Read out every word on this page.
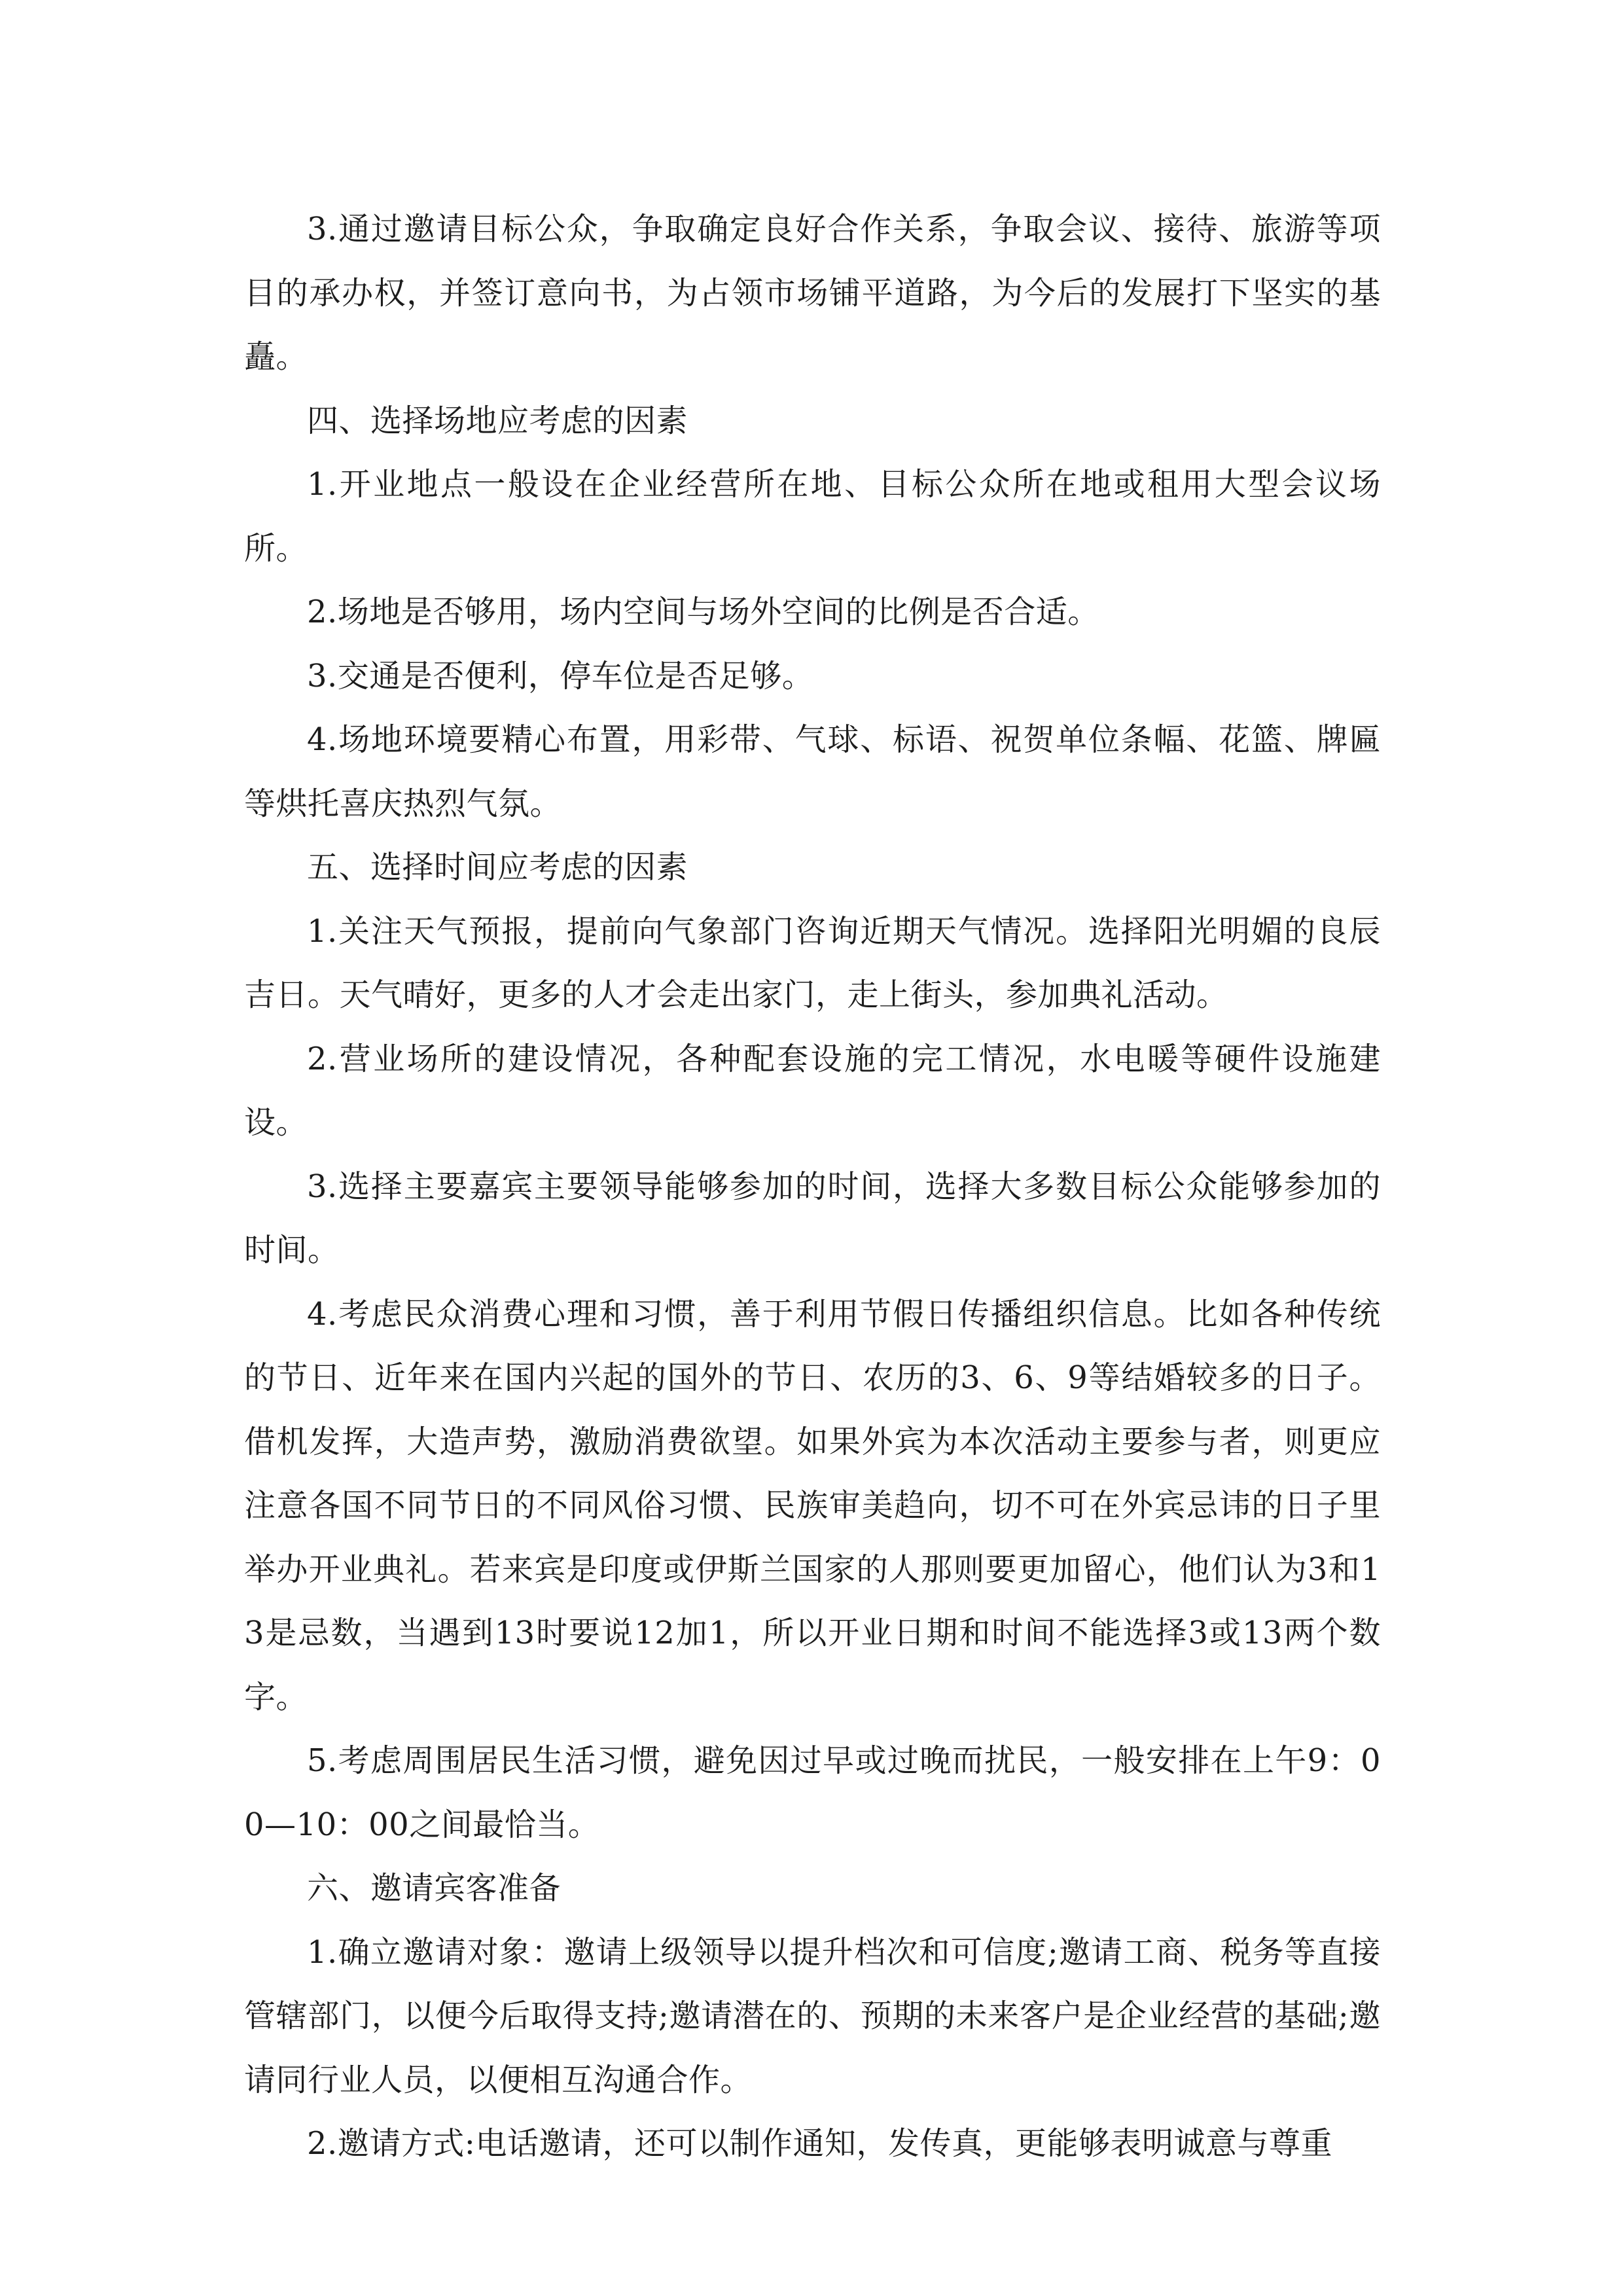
3.通过邀请目标公众，争取确定良好合作关系，争取会议、接待、旅游等项目的承办权，并签订意向书，为占领市场铺平道路，为今后的发展打下坚实的基矗。

四、选择场地应考虑的因素

1.开业地点一般设在企业经营所在地、目标公众所在地或租用大型会议场所。

2.场地是否够用，场内空间与场外空间的比例是否合适。

3.交通是否便利，停车位是否足够。

4.场地环境要精心布置，用彩带、气球、标语、祝贺单位条幅、花篮、牌匾等烘托喜庆热烈气氛。

五、选择时间应考虑的因素

1.关注天气预报，提前向气象部门咨询近期天气情况。选择阳光明媚的良辰吉日。天气晴好，更多的人才会走出家门，走上街头，参加典礼活动。

2.营业场所的建设情况，各种配套设施的完工情况，水电暖等硬件设施建设。

3.选择主要嘉宾主要领导能够参加的时间，选择大多数目标公众能够参加的时间。

4.考虑民众消费心理和习惯，善于利用节假日传播组织信息。比如各种传统的节日、近年来在国内兴起的国外的节日、农历的3、6、9等结婚较多的日子。借机发挥，大造声势，激励消费欲望。如果外宾为本次活动主要参与者，则更应注意各国不同节日的不同风俗习惯、民族审美趋向，切不可在外宾忌讳的日子里举办开业典礼。若来宾是印度或伊斯兰国家的人那则要更加留心，他们认为3和13是忌数，当遇到13时要说12加1，所以开业日期和时间不能选择3或13两个数字。

5.考虑周围居民生活习惯，避免因过早或过晚而扰民，一般安排在上午9：00—10：00之间最恰当。

六、邀请宾客准备

1.确立邀请对象：邀请上级领导以提升档次和可信度;邀请工商、税务等直接管辖部门，以便今后取得支持;邀请潜在的、预期的未来客户是企业经营的基础;邀请同行业人员，以便相互沟通合作。

2.邀请方式:电话邀请，还可以制作通知，发传真，更能够表明诚意与尊重
